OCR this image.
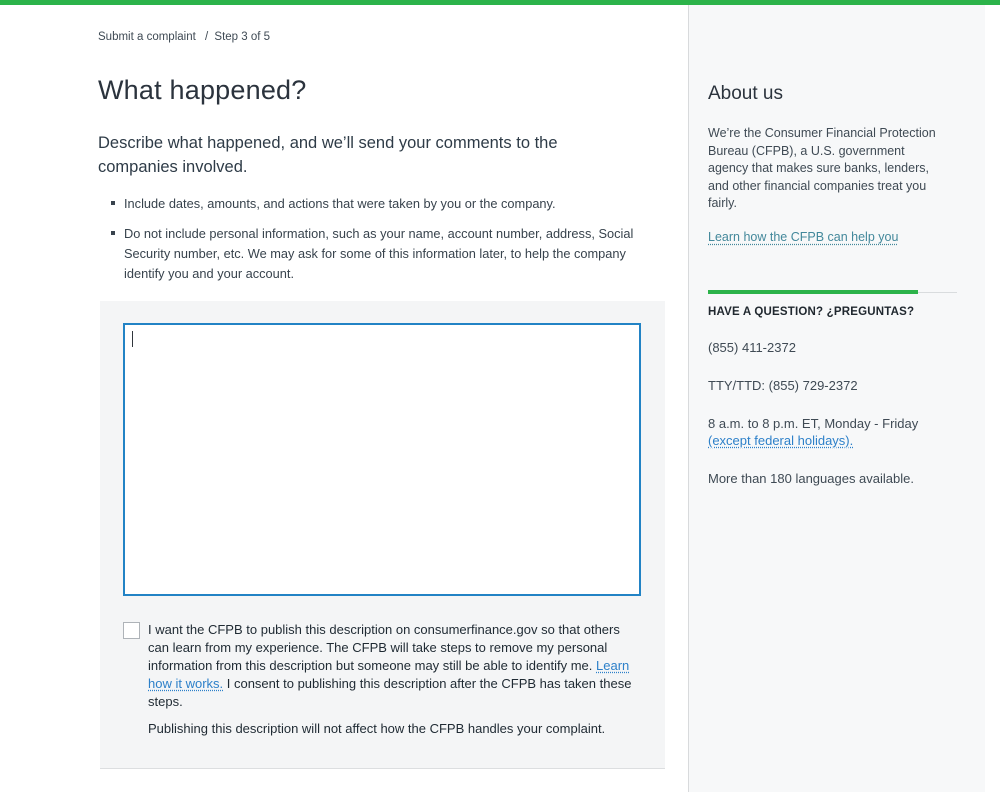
Submit a complaint / Step 3 of 5
What happened?

Describe what happened, and we’ll send your comments to the companies involved.

Include dates, amounts, and actions that were taken by you or the company.
Do not include personal information, such as your name, account number, address, Social Security number, etc. We may ask for some of this information later, to help the company identify you and your account.

I want the CFPB to publish this description on consumerfinance.gov so that others can learn from my experience. The CFPB will take steps to remove my personal information from this description but someone may still be able to identify me. Learn how it works. I consent to publishing this description after the CFPB has taken these steps.

Publishing this description will not affect how the CFPB handles your complaint.

About us

We’re the Consumer Financial Protection Bureau (CFPB), a U.S. government agency that makes sure banks, lenders, and other financial companies treat you fairly.

Learn how the CFPB can help you
HAVE A QUESTION? ¿PREGUNTAS?

(855) 411-2372

TTY/TTD: (855) 729-2372

8 a.m. to 8 p.m. ET, Monday - Friday
(except federal holidays).

More than 180 languages available.
